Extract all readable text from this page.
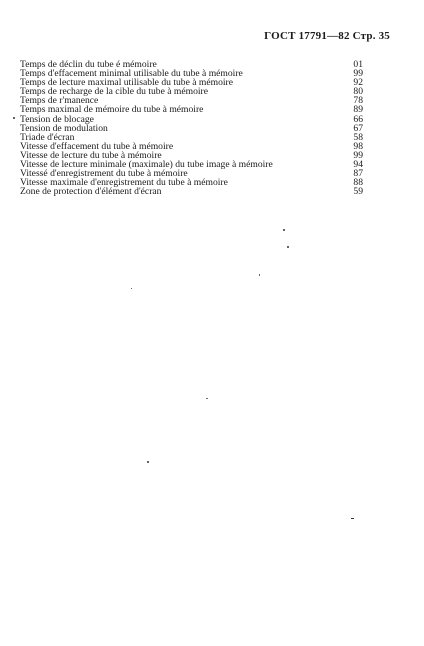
ГОСТ 17791—82 Стр. 35
Temps de déclin du tube é mémoire	01
Temps d'effacement minimal utilisable du tube à mémoire	99
Temps de lecture maximal utilisable du tube à mémoire	92
Temps de recharge de la cible du tube à mémoire	80
Temps de r'manence	78
Temps maximal de mémoire du tube à mémoire	89
Tension de blocage	66
Tension de modulation	67
Triade d'écran	58
Vitesse d'effacement du tube à mémoire	98
Vitesse de lecture du tube à mémoire	99
Vitesse de lecture minimale (maximale) du tube image à mémoire	94
Vitessé d'enregistrement du tube à mémoire	87
Vitesse maximale d'enregistrement du tube à mémoire	88
Zone de protection d'élément d'écran	59
